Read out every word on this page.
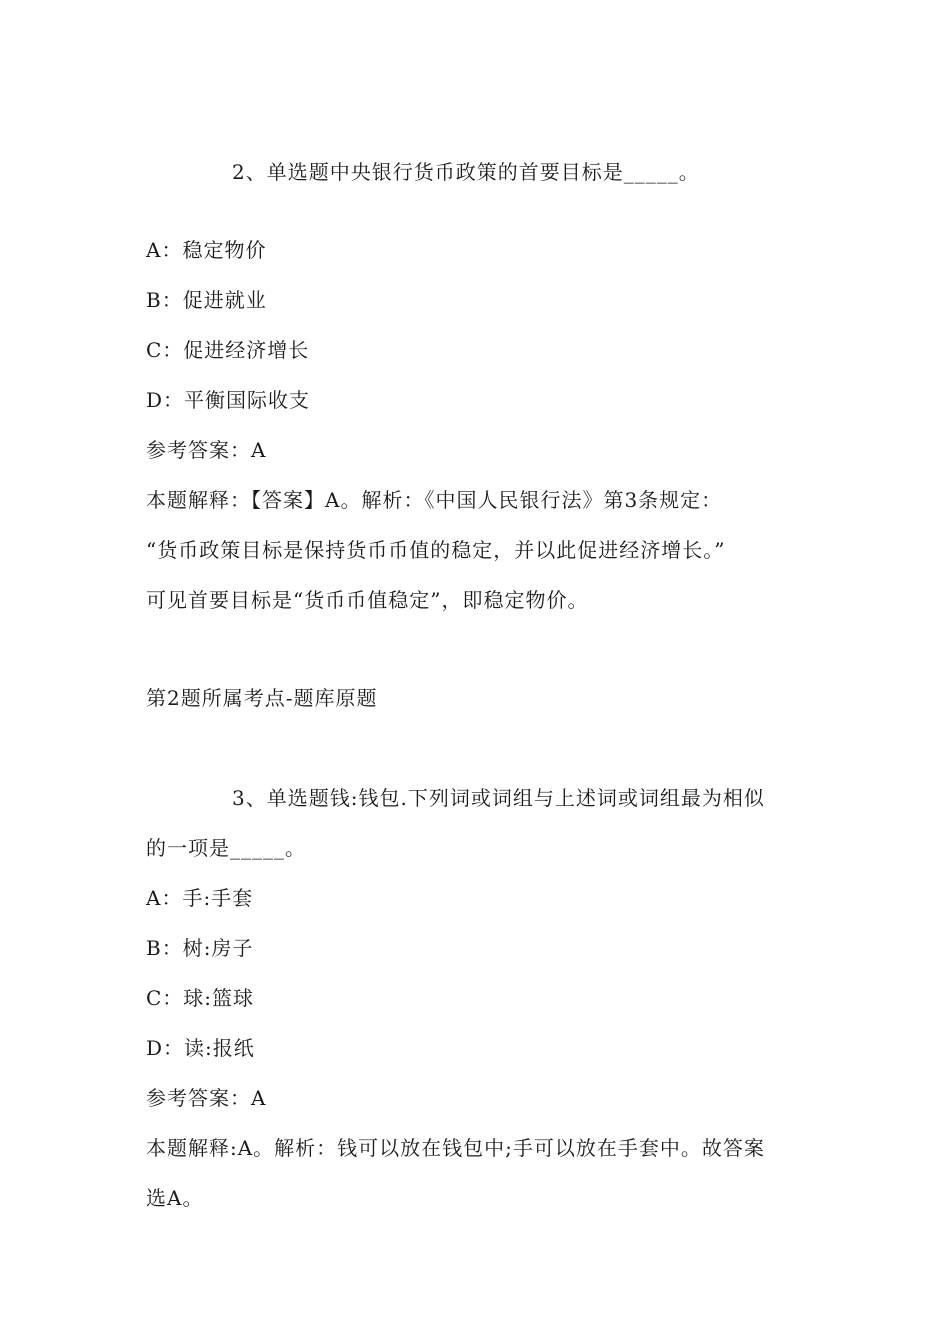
2、单选题中央银行货币政策的首要目标是_____。
A：稳定物价
B：促进就业
C：促进经济增长
D：平衡国际收支
参考答案：A
本题解释：【答案】A。解析：《中国人民银行法》第3条规定：
“货币政策目标是保持货币币值的稳定，并以此促进经济增长。”
可见首要目标是“货币币值稳定”，即稳定物价。
第2题所属考点-题库原题
3、单选题钱:钱包.下列词或词组与上述词或词组最为相似
的一项是_____。
A：手:手套
B：树:房子
C：球:篮球
D：读:报纸
参考答案：A
本题解释:A。解析：钱可以放在钱包中;手可以放在手套中。故答案
选A。
